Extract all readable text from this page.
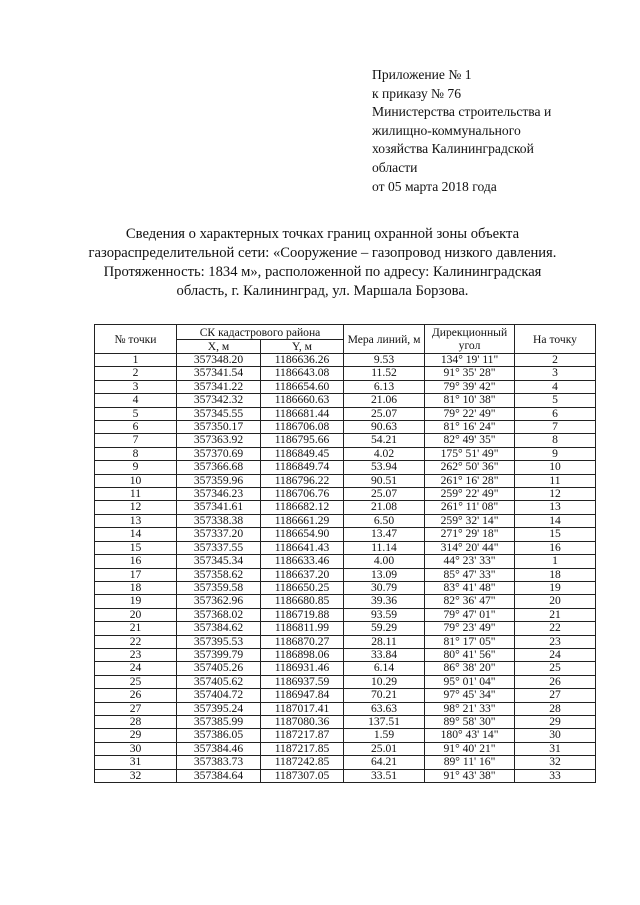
Приложение № 1
к приказу № 76
Министерства строительства и
жилищно-коммунального
хозяйства Калининградской
области
от 05 марта 2018 года
Сведения о характерных точках границ охранной зоны объекта
газораспределительной сети: «Сооружение – газопровод низкого давления.
Протяженность: 1834 м», расположенной по адресу: Калининградская
область, г. Калининград, ул. Маршала Борзова.
№ точки	СК кадастрового района		Мера линий, м	Дирекционный угол	На точку
	X, м	Y, м			
1	357348.20	1186636.26	9.53	134° 19' 11"	2
2	357341.54	1186643.08	11.52	91° 35' 28"	3
3	357341.22	1186654.60	6.13	79° 39' 42"	4
4	357342.32	1186660.63	21.06	81° 10' 38"	5
5	357345.55	1186681.44	25.07	79° 22' 49"	6
6	357350.17	1186706.08	90.63	81° 16' 24"	7
7	357363.92	1186795.66	54.21	82° 49' 35"	8
8	357370.69	1186849.45	4.02	175° 51' 49"	9
9	357366.68	1186849.74	53.94	262° 50' 36"	10
10	357359.96	1186796.22	90.51	261° 16' 28"	11
11	357346.23	1186706.76	25.07	259° 22' 49"	12
12	357341.61	1186682.12	21.08	261° 11' 08"	13
13	357338.38	1186661.29	6.50	259° 32' 14"	14
14	357337.20	1186654.90	13.47	271° 29' 18"	15
15	357337.55	1186641.43	11.14	314° 20' 44"	16
16	357345.34	1186633.46	4.00	44° 23' 33"	1
17	357358.62	1186637.20	13.09	85° 47' 33"	18
18	357359.58	1186650.25	30.79	83° 41' 48"	19
19	357362.96	1186680.85	39.36	82° 36' 47"	20
20	357368.02	1186719.88	93.59	79° 47' 01"	21
21	357384.62	1186811.99	59.29	79° 23' 49"	22
22	357395.53	1186870.27	28.11	81° 17' 05"	23
23	357399.79	1186898.06	33.84	80° 41' 56"	24
24	357405.26	1186931.46	6.14	86° 38' 20"	25
25	357405.62	1186937.59	10.29	95° 01' 04"	26
26	357404.72	1186947.84	70.21	97° 45' 34"	27
27	357395.24	1187017.41	63.63	98° 21' 33"	28
28	357385.99	1187080.36	137.51	89° 58' 30"	29
29	357386.05	1187217.87	1.59	180° 43' 14"	30
30	357384.46	1187217.85	25.01	91° 40' 21"	31
31	357383.73	1187242.85	64.21	89° 11' 16"	32
32	357384.64	1187307.05	33.51	91° 43' 38"	33
